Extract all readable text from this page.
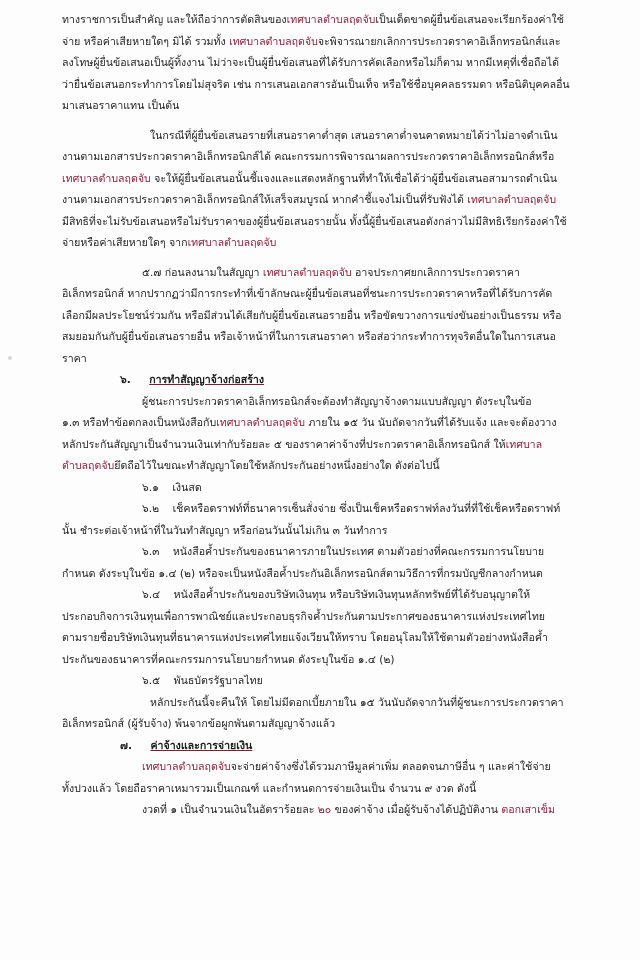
ทางราชการเป็นสำคัญ และให้ถือว่าการตัดสินของเทศบาลตำบลฤดจับเป็นเด็ดขาดผู้ยื่นข้อเสนอจะเรียกร้องค่าใช้
จ่าย หรือค่าเสียหายใดๆ มิได้ รวมทั้ง เทศบาลตำบลฤดจับจะพิจารณายกเลิกการประกวดราคาอิเล็กทรอนิกส์และ
ลงโทษผู้ยื่นข้อเสนอเป็นผู้ทิ้งงาน ไม่ว่าจะเป็นผู้ยื่นข้อเสนอที่ได้รับการคัดเลือกหรือไม่ก็ตาม หากมีเหตุที่เชื่อถือได้
ว่ายื่นข้อเสนอกระทำการโดยไม่สุจริต เช่น การเสนอเอกสารอันเป็นเท็จ หรือใช้ชื่อบุคคลธรรมดา หรือนิติบุคคลอื่น
มาเสนอราคาแทน เป็นต้น
ในกรณีที่ผู้ยื่นข้อเสนอรายที่เสนอราคาต่ำสุด เสนอราคาต่ำจนคาดหมายได้ว่าไม่อาจดำเนิน
งานตามเอกสารประกวดราคาอิเล็กทรอนิกส์ได้ คณะกรรมการพิจารณาผลการประกวดราคาอิเล็กทรอนิกส์หรือ
เทศบาลตำบลฤดจับ จะให้ผู้ยื่นข้อเสนอนั้นชี้แจงและแสดงหลักฐานที่ทำให้เชื่อได้ว่าผู้ยื่นข้อเสนอสามารถดำเนิน
งานตามเอกสารประกวดราคาอิเล็กทรอนิกส์ให้เสร็จสมบูรณ์ หากคำชี้แจงไม่เป็นที่รับฟังได้ เทศบาลตำบลฤดจับ
มีสิทธิที่จะไม่รับข้อเสนอหรือไม่รับราคาของผู้ยื่นข้อเสนอรายนั้น ทั้งนี้ผู้ยื่นข้อเสนอดังกล่าวไม่มีสิทธิเรียกร้องค่าใช้
จ่ายหรือค่าเสียหายใดๆ จากเทศบาลตำบลฤดจับ
๕.๗ ก่อนลงนามในสัญญา เทศบาลตำบลฤดจับ อาจประกาศยกเลิกการประกวดราคา
อิเล็กทรอนิกส์ หากปรากฏว่ามีการกระทำที่เข้าลักษณะผู้ยื่นข้อเสนอที่ชนะการประกวดราคาหรือที่ได้รับการคัด
เลือกมีผลประโยชน์ร่วมกัน หรือมีส่วนได้เสียกับผู้ยื่นข้อเสนอรายอื่น หรือขัดขวางการแข่งขันอย่างเป็นธรรม หรือ
สมยอมกันกับผู้ยื่นข้อเสนอรายอื่น หรือเจ้าหน้าที่ในการเสนอราคา หรือส่อว่ากระทำการทุจริตอื่นใดในการเสนอ
ราคา
๖. การทำสัญญาจ้างก่อสร้าง
ผู้ชนะการประกวดราคาอิเล็กทรอนิกส์จะต้องทำสัญญาจ้างตามแบบสัญญา ดังระบุในข้อ
๑.๓ หรือทำข้อตกลงเป็นหนังสือกับเทศบาลตำบลฤดจับ ภายใน ๑๕ วัน นับถัดจากวันที่ได้รับแจ้ง และจะต้องวาง
หลักประกันสัญญาเป็นจำนวนเงินเท่ากับร้อยละ ๕ ของราคาค่าจ้างที่ประกวดราคาอิเล็กทรอนิกส์ ให้เทศบาล
ตำบลฤดจับยึดถือไว้ในขณะทำสัญญาโดยใช้หลักประกันอย่างหนึ่งอย่างใด ดังต่อไปนี้
๖.๑ เงินสด
๖.๒ เช็คหรือดราฟท์ที่ธนาคารเซ็นสั่งจ่าย ซึ่งเป็นเช็คหรือดราฟท์ลงวันที่ที่ใช้เช็คหรือดราฟท์
นั้น ชำระต่อเจ้าหน้าที่ในวันทำสัญญา หรือก่อนวันนั้นไม่เกิน ๓ วันทำการ
๖.๓ หนังสือค้ำประกันของธนาคารภายในประเทศ ตามตัวอย่างที่คณะกรรมการนโยบาย
กำหนด ดังระบุในข้อ ๑.๔ (๒) หรือจะเป็นหนังสือค้ำประกันอิเล็กทรอนิกส์ตามวิธีการที่กรมบัญชีกลางกำหนด
๖.๔ หนังสือค้ำประกันของบริษัทเงินทุน หรือบริษัทเงินทุนหลักทรัพย์ที่ได้รับอนุญาตให้
ประกอบกิจการเงินทุนเพื่อการพาณิชย์และประกอบธุรกิจค้ำประกันตามประกาศของธนาคารแห่งประเทศไทย
ตามรายชื่อบริษัทเงินทุนที่ธนาคารแห่งประเทศไทยแจ้งเวียนให้ทราบ โดยอนุโลมให้ใช้ตามตัวอย่างหนังสือค้ำ
ประกันของธนาคารที่คณะกรรมการนโยบายกำหนด ดังระบุในข้อ ๑.๔ (๒)
๖.๕ พันธบัตรรัฐบาลไทย
หลักประกันนี้จะคืนให้ โดยไม่มีดอกเบี้ยภายใน ๑๕ วันนับถัดจากวันที่ผู้ชนะการประกวดราคา
อิเล็กทรอนิกส์ (ผู้รับจ้าง) พ้นจากข้อผูกพันตามสัญญาจ้างแล้ว
๗. ค่าจ้างและการจ่ายเงิน
เทศบาลตำบลฤดจับจะจ่ายค่าจ้างซึ่งได้รวมภาษีมูลค่าเพิ่ม ตลอดจนภาษีอื่น ๆ และค่าใช้จ่าย
ทั้งปวงแล้ว โดยถือราคาเหมารวมเป็นเกณฑ์ และกำหนดการจ่ายเงินเป็น จำนวน ๙ งวด ดังนี้
งวดที่ ๑ เป็นจำนวนเงินในอัตราร้อยละ ๒๐ ของค่าจ้าง เมื่อผู้รับจ้างได้ปฏิบัติงาน ตอกเสาเข็ม
